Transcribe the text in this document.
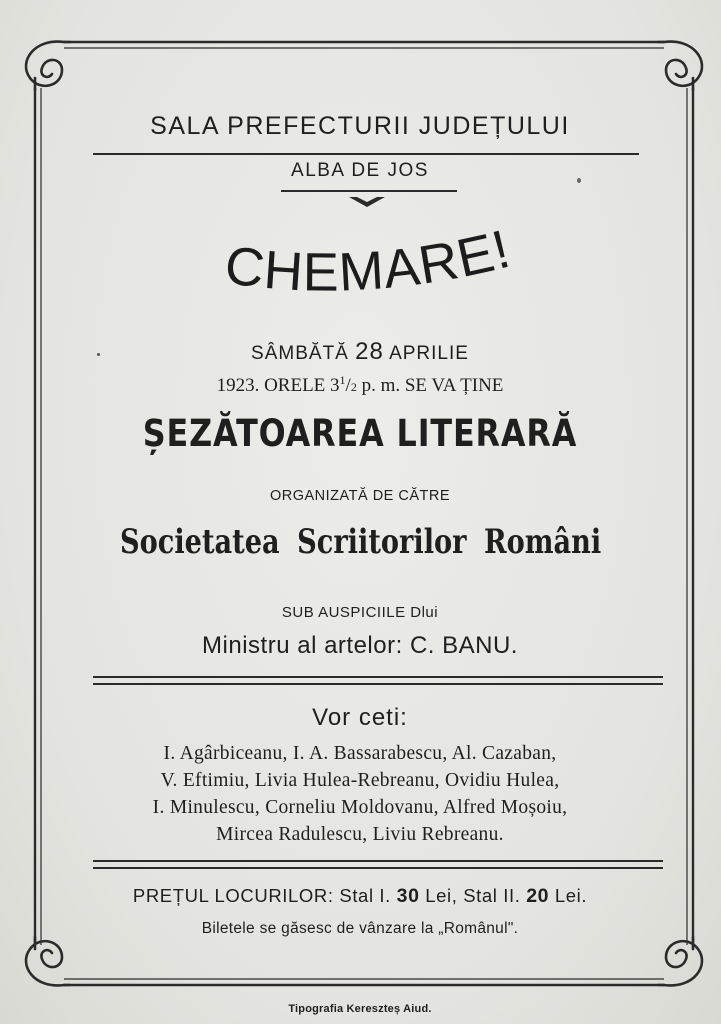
SALA PREFECTURII JUDEȚULUI
ALBA DE JOS
CHEMARE!
SÂMBĂTĂ 28 APRILIE
1923. ORELE $3^1/2$ p. m. SE VA ȚINE
ȘEZĂTOAREA LITERARĂ
ORGANIZATĂ DE CĂTRE
Societatea Scriitorilor Români
SUB AUSPICIILE Dlui
Ministru al artelor: C. BANU.
Vor ceti:
I. Agârbiceanu, I. A. Bassarabescu, Al. Cazaban,
V. Eftimiu, Livia Hulea-Rebreanu, Ovidiu Hulea,
I. Minulescu, Corneliu Moldovanu, Alfred Moșoiu,
Mircea Radulescu, Liviu Rebreanu.
PREȚUL LOCURILOR: Stal I. 30 Lei, Stal II. 20 Lei.
Biletele se găsesc de vânzare la „Românul".
Tipografia Kereszteș Aiud.
